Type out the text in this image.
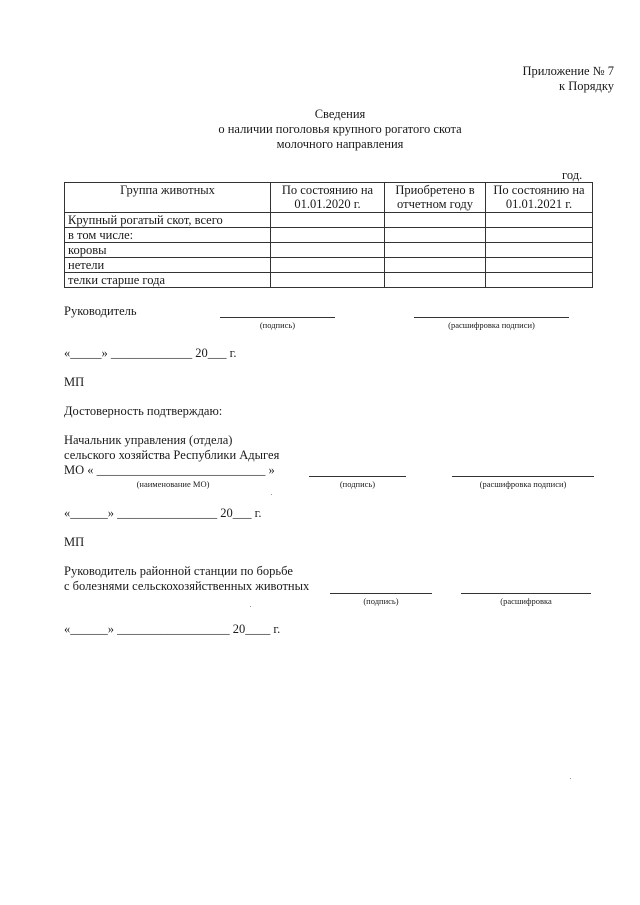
Приложение № 7
к Порядку
Сведения
о наличии поголовья крупного рогатого скота
молочного направления
год.
Группа животных	По состоянию на 01.01.2020 г.	Приобретено в отчетном году	По состоянию на 01.01.2021 г.
Крупный рогатый скот, всего			
в том числе:			
коровы			
нетели			
телки старше года			
Руководитель
(подпись)	(расшифровка подписи)
«_____» _____________ 20___ г.
МП
Достоверность подтверждаю:
Начальник управления (отдела)
сельского хозяйства Республики Адыгея
МО « ___________________________ »
(наименование МО)	(подпись)	(расшифровка подписи)
«______» ________________ 20___ г.
МП
Руководитель районной станции по борьбе
с болезнями сельскохозяйственных животных
(подпись)	(расшифровка
«______» __________________ 20____ г.
